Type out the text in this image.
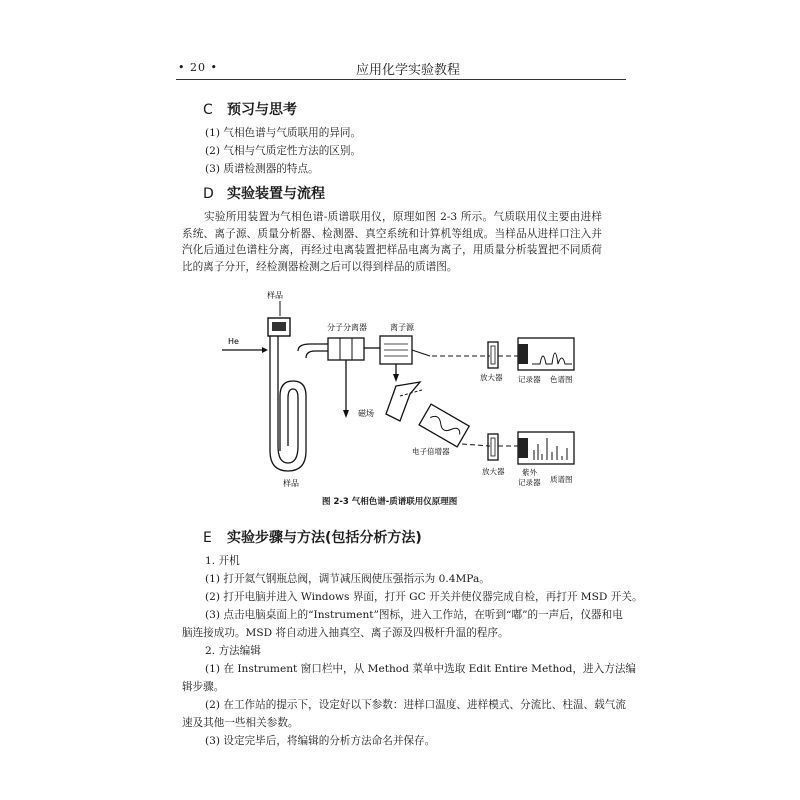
• 20 •	应用化学实验教程
C 预习与思考
(1) 气相色谱与气质联用的异同。
(2) 气相与气质定性方法的区别。
(3) 质谱检测器的特点。
D 实验装置与流程
实验所用装置为气相色谱-质谱联用仪，原理如图 2-3 所示。气质联用仪主要由进样系统、离子源、质量分析器、检测器、真空系统和计算机等组成。当样品从进样口注入并汽化后通过色谱柱分离，再经过电离装置把样品电离为离子，用质量分析装置把不同质荷比的离子分开，经检测器检测之后可以得到样品的质谱图。
样品
He
样品
分子分离器	离子源
放大器 记录器 色谱图
磁场
电子倍增器
放大器 紫外
记录器 质谱图
图 2-3 气相色谱-质谱联用仪原理图
E 实验步骤与方法(包括分析方法)
1. 开机
(1) 打开氦气钢瓶总阀，调节减压阀使压强指示为 0.4MPa。
(2) 打开电脑并进入 Windows 界面，打开 GC 开关并使仪器完成自检，再打开 MSD 开关。
(3) 点击电脑桌面上的“Instrument”图标，进入工作站，在听到“嘟”的一声后，仪器和电
脑连接成功。MSD 将自动进入抽真空、离子源及四极杆升温的程序。
2. 方法编辑
(1) 在 Instrument 窗口栏中，从 Method 菜单中选取 Edit Entire Method，进入方法编
辑步骤。
(2) 在工作站的提示下，设定好以下参数：进样口温度、进样模式、分流比、柱温、载气流
速及其他一些相关参数。
(3) 设定完毕后，将编辑的分析方法命名并保存。
